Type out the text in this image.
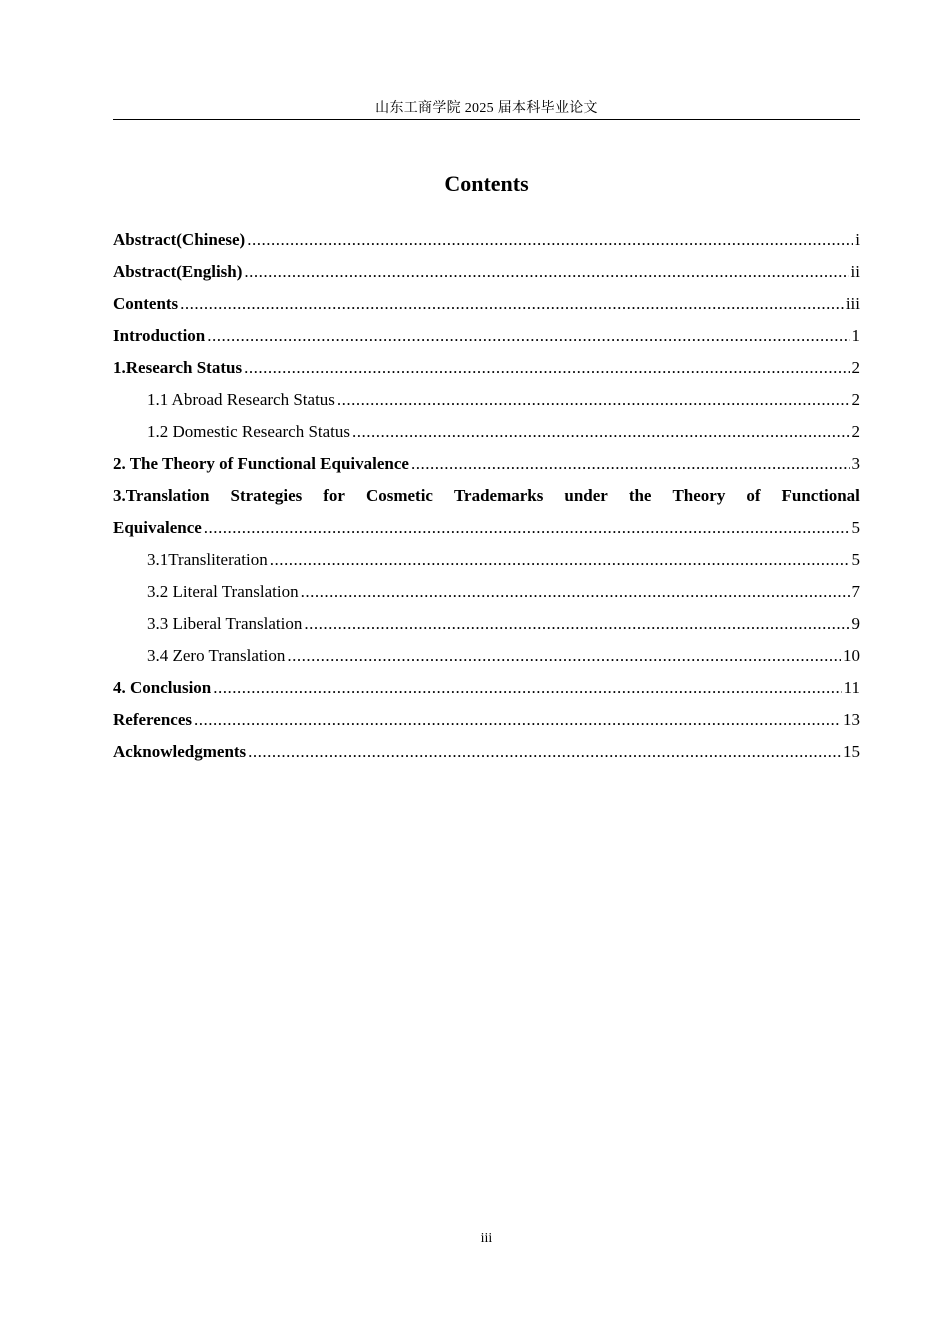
山东工商学院 2025 届本科毕业论文
Contents
Abstract(Chinese) .....	i
Abstract(English) .....	ii
Contents .....	iii
Introduction .....	1
1.Research Status .....	2
1.1 Abroad Research Status .....	2
1.2 Domestic Research Status .....	2
2. The Theory of Functional Equivalence .....	3
3.Translation Strategies for Cosmetic Trademarks under the Theory of Functional
Equivalence .....	5
3.1Transliteration .....	5
3.2 Literal Translation .....	7
3.3 Liberal Translation .....	9
3.4 Zero Translation .....	10
4. Conclusion .....	11
References .....	13
Acknowledgments .....	15
iii
